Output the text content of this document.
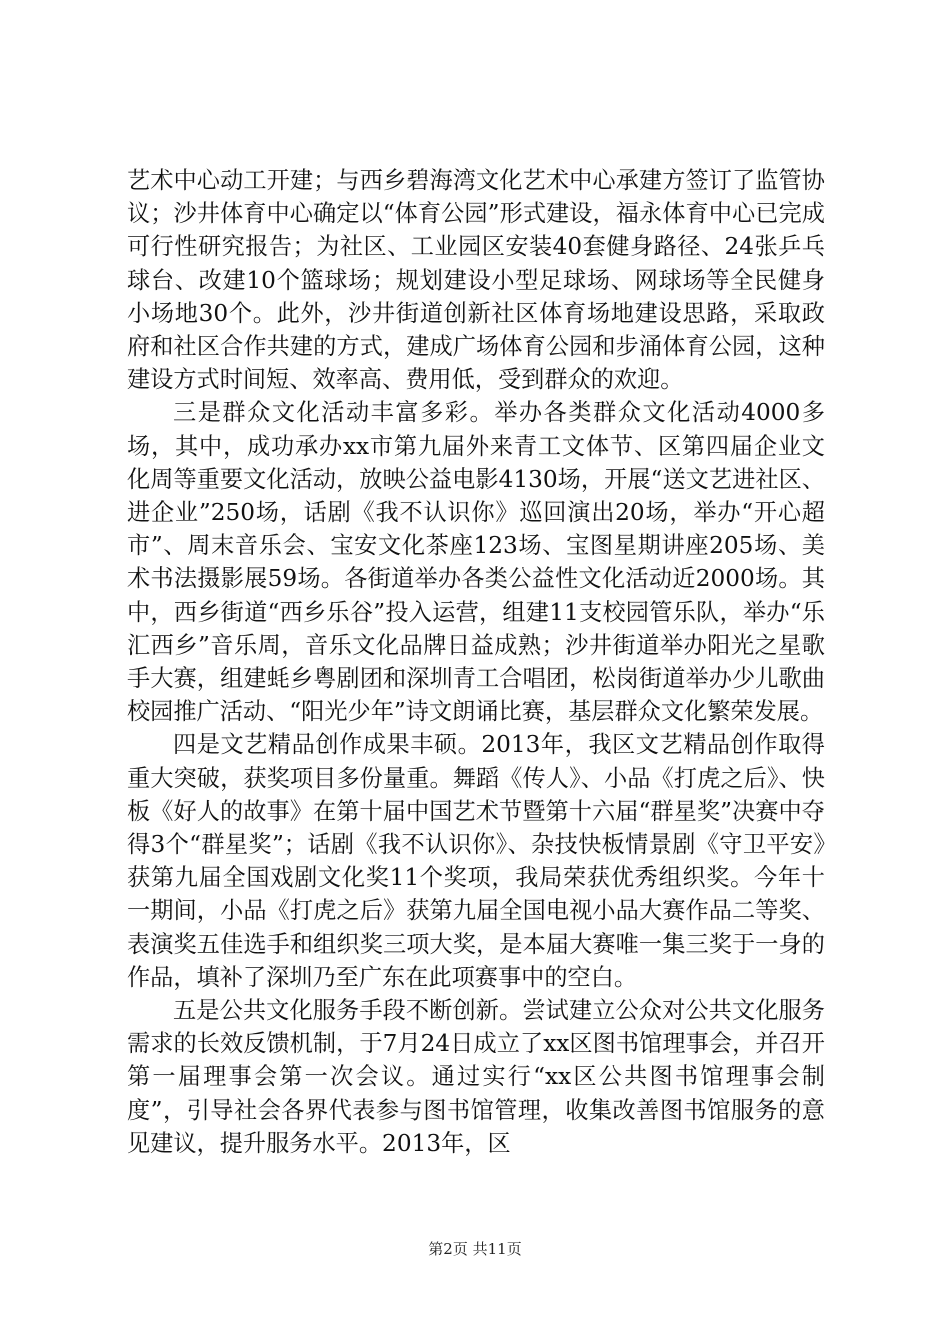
艺术中心动工开建；与西乡碧海湾文化艺术中心承建方签订了监管协议；沙井体育中心确定以“体育公园”形式建设，福永体育中心已完成可行性研究报告；为社区、工业园区安装40套健身路径、24张乒乓球台、改建10个篮球场；规划建设小型足球场、网球场等全民健身小场地30个。此外，沙井街道创新社区体育场地建设思路，采取政府和社区合作共建的方式，建成广场体育公园和步涌体育公园，这种建设方式时间短、效率高、费用低，受到群众的欢迎。

三是群众文化活动丰富多彩。举办各类群众文化活动4000多场，其中，成功承办xx市第九届外来青工文体节、区第四届企业文化周等重要文化活动，放映公益电影4130场，开展“送文艺进社区、进企业”250场，话剧《我不认识你》巡回演出20场，举办“开心超市”、周末音乐会、宝安文化茶座123场、宝图星期讲座205场、美术书法摄影展59场。各街道举办各类公益性文化活动近2000场。其中，西乡街道“西乡乐谷”投入运营，组建11支校园管乐队，举办“乐汇西乡”音乐周，音乐文化品牌日益成熟；沙井街道举办阳光之星歌手大赛，组建蚝乡粤剧团和深圳青工合唱团，松岗街道举办少儿歌曲校园推广活动、“阳光少年”诗文朗诵比赛，基层群众文化繁荣发展。

四是文艺精品创作成果丰硕。2013年，我区文艺精品创作取得重大突破，获奖项目多份量重。舞蹈《传人》、小品《打虎之后》、快板《好人的故事》在第十届中国艺术节暨第十六届“群星奖”决赛中夺得3个“群星奖”；话剧《我不认识你》、杂技快板情景剧《守卫平安》获第九届全国戏剧文化奖11个奖项，我局荣获优秀组织奖。今年十一期间，小品《打虎之后》获第九届全国电视小品大赛作品二等奖、表演奖五佳选手和组织奖三项大奖，是本届大赛唯一集三奖于一身的作品，填补了深圳乃至广东在此项赛事中的空白。

五是公共文化服务手段不断创新。尝试建立公众对公共文化服务需求的长效反馈机制，于7月24日成立了xx区图书馆理事会，并召开第一届理事会第一次会议。通过实行“xx区公共图书馆理事会制度”，引导社会各界代表参与图书馆管理，收集改善图书馆服务的意见建议，提升服务水平。2013年，区

第2页 共11页
